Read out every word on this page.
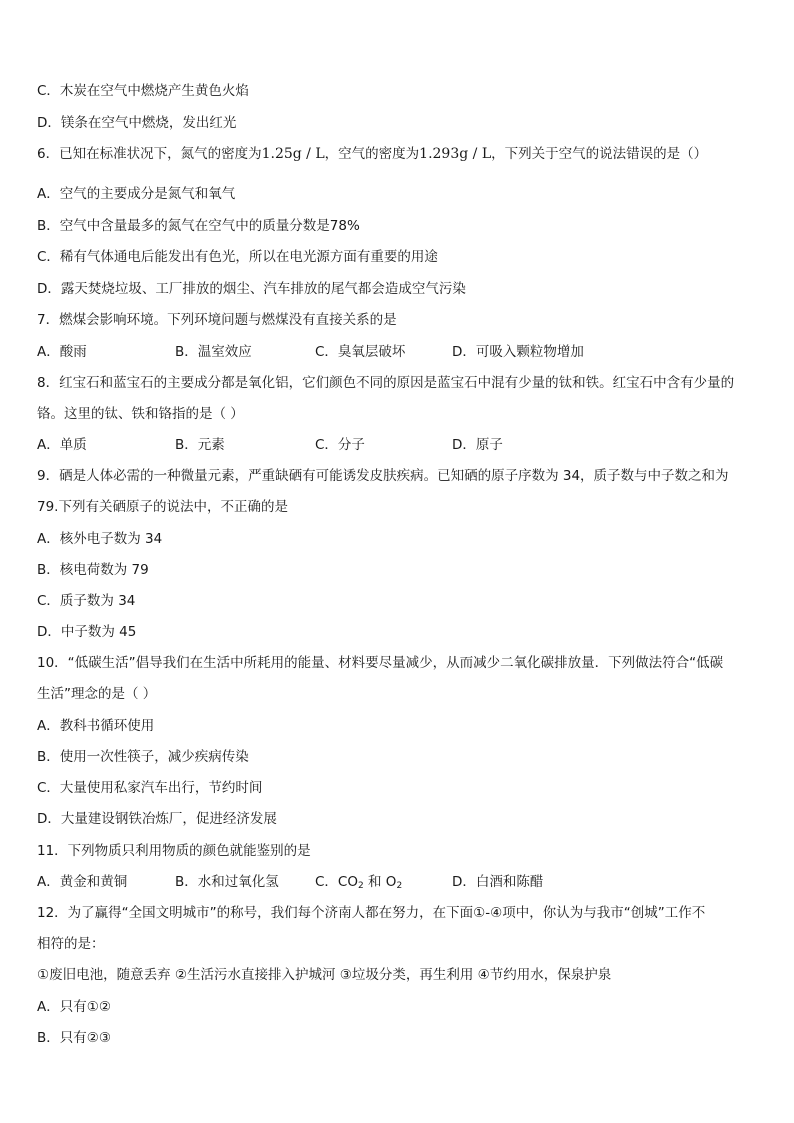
C．木炭在空气中燃烧产生黄色火焰
D．镁条在空气中燃烧，发出红光
6．已知在标准状况下，氮气的密度为1.25g / L，空气的密度为1.293g / L，下列关于空气的说法错误的是（）
A．空气的主要成分是氮气和氧气
B．空气中含量最多的氮气在空气中的质量分数是78%
C．稀有气体通电后能发出有色光，所以在电光源方面有重要的用途
D．露天焚烧垃圾、工厂排放的烟尘、汽车排放的尾气都会造成空气污染
7．燃煤会影响环境。下列环境问题与燃煤没有直接关系的是
A．酸雨	B．温室效应	C．臭氧层破坏	D．可吸入颗粒物增加
8．红宝石和蓝宝石的主要成分都是氧化铝，它们颜色不同的原因是蓝宝石中混有少量的钛和铁。红宝石中含有少量的
铬。这里的钛、铁和铬指的是（ ）
A．单质	B．元素	C．分子	D．原子
9．硒是人体必需的一种微量元素，严重缺硒有可能诱发皮肤疾病。已知硒的原子序数为 34，质子数与中子数之和为
79.下列有关硒原子的说法中，不正确的是
A．核外电子数为 34
B．核电荷数为 79
C．质子数为 34
D．中子数为 45
10．“低碳生活”倡导我们在生活中所耗用的能量、材料要尽量减少，从而减少二氧化碳排放量．下列做法符合“低碳
生活”理念的是（ ）
A．教科书循环使用
B．使用一次性筷子，减少疾病传染
C．大量使用私家汽车出行，节约时间
D．大量建设钢铁冶炼厂，促进经济发展
11．下列物质只利用物质的颜色就能鉴别的是
A．黄金和黄铜	B．水和过氧化氢	C．$CO_2$ 和 $O_2$	D．白酒和陈醋
12．为了赢得“全国文明城市”的称号，我们每个济南人都在努力，在下面①-④项中，你认为与我市“创城”工作不
相符的是：
①废旧电池，随意丢弃 ②生活污水直接排入护城河 ③垃圾分类，再生利用 ④节约用水，保泉护泉
A．只有①②
B．只有②③
